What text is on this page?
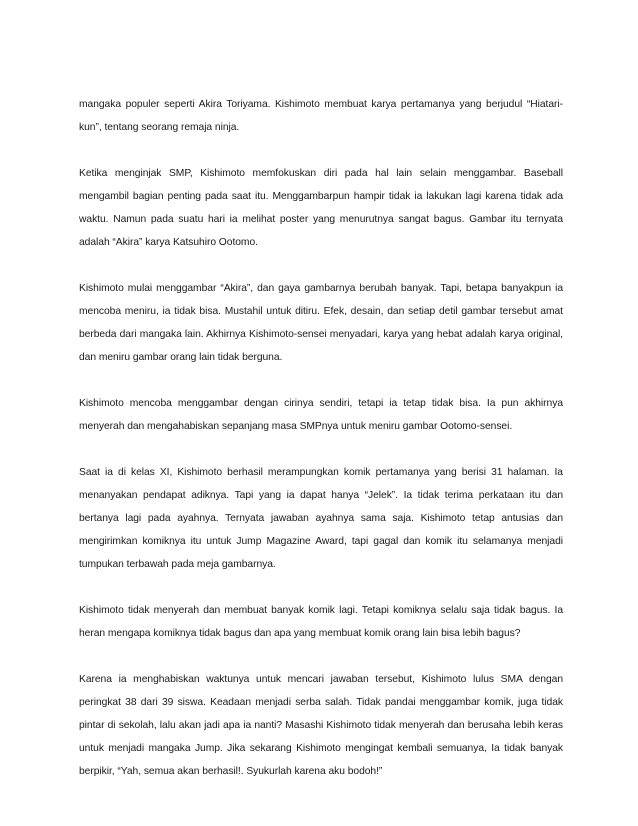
mangaka populer seperti Akira Toriyama. Kishimoto membuat karya pertamanya yang berjudul “Hiatari-kun”, tentang seorang remaja ninja.

Ketika menginjak SMP, Kishimoto memfokuskan diri pada hal lain selain menggambar. Baseball mengambil bagian penting pada saat itu. Menggambarpun hampir tidak ia lakukan lagi karena tidak ada waktu. Namun pada suatu hari ia melihat poster yang menurutnya sangat bagus. Gambar itu ternyata adalah “Akira” karya Katsuhiro Ootomo.

Kishimoto mulai menggambar “Akira”, dan gaya gambarnya berubah banyak. Tapi, betapa banyakpun ia mencoba meniru, ia tidak bisa. Mustahil untuk ditiru. Efek, desain, dan setiap detil gambar tersebut amat berbeda dari mangaka lain. Akhirnya Kishimoto-sensei menyadari, karya yang hebat adalah karya original, dan meniru gambar orang lain tidak berguna.

Kishimoto mencoba menggambar dengan cirinya sendiri, tetapi ia tetap tidak bisa. Ia pun akhirnya menyerah dan mengahabiskan sepanjang masa SMPnya untuk meniru gambar Ootomo-sensei.

Saat ia di kelas XI, Kishimoto berhasil merampungkan komik pertamanya yang berisi 31 halaman. Ia menanyakan pendapat adiknya. Tapi yang ia dapat hanya “Jelek”. Ia tidak terima perkataan itu dan bertanya lagi pada ayahnya. Ternyata jawaban ayahnya sama saja. Kishimoto tetap antusias dan mengirimkan komiknya itu untuk Jump Magazine Award, tapi gagal dan komik itu selamanya menjadi tumpukan terbawah pada meja gambarnya.

Kishimoto tidak menyerah dan membuat banyak komik lagi. Tetapi komiknya selalu saja tidak bagus. Ia heran mengapa komiknya tidak bagus dan apa yang membuat komik orang lain bisa lebih bagus?

Karena ia menghabiskan waktunya untuk mencari jawaban tersebut, Kishimoto lulus SMA dengan peringkat 38 dari 39 siswa. Keadaan menjadi serba salah. Tidak pandai menggambar komik, juga tidak pintar di sekolah, lalu akan jadi apa ia nanti? Masashi Kishimoto tidak menyerah dan berusaha lebih keras untuk menjadi mangaka Jump. Jika sekarang Kishimoto mengingat kembali semuanya, Ia tidak banyak berpikir, “Yah, semua akan berhasil!. Syukurlah karena aku bodoh!”
